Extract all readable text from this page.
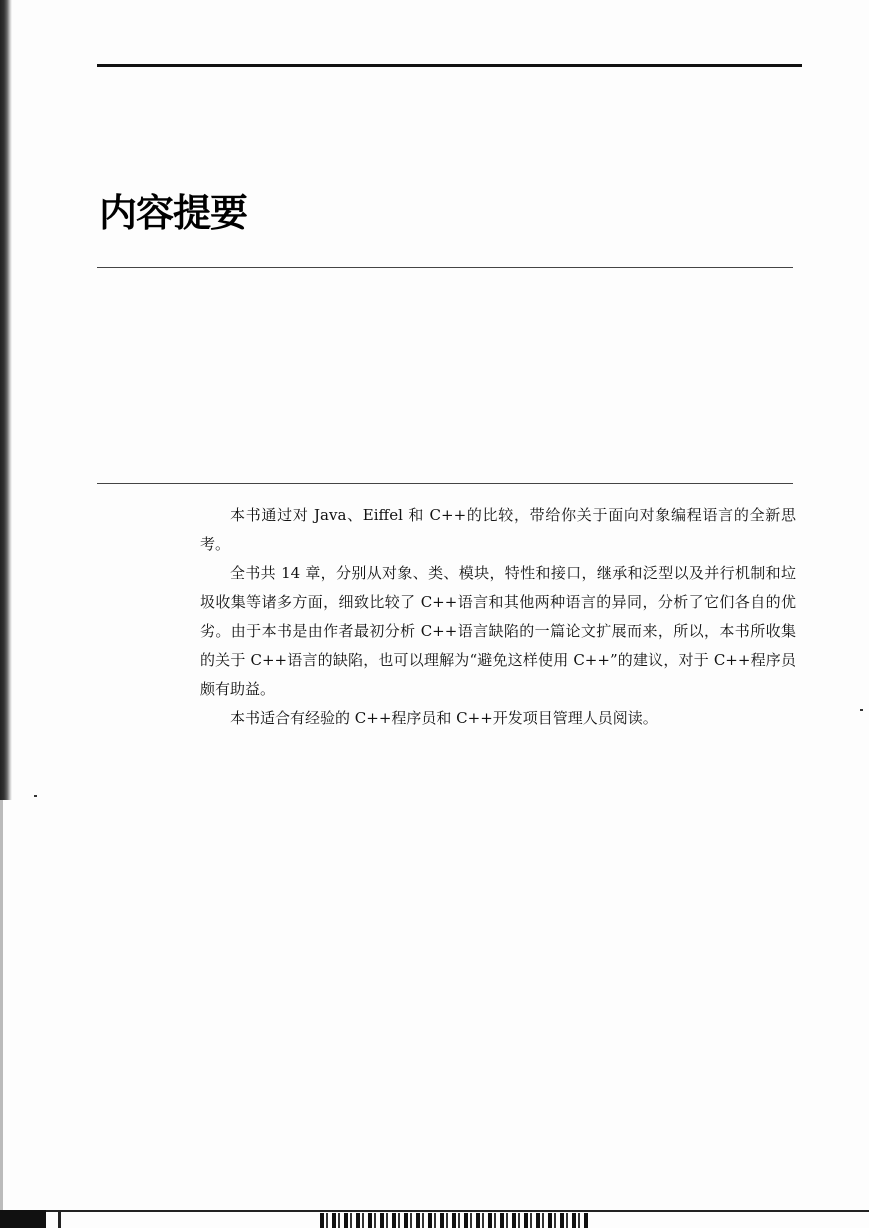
内容提要

本书通过对 Java、Eiffel 和 C++的比较，带给你关于面向对象编程语言的全新思考。

全书共 14 章，分别从对象、类、模块，特性和接口，继承和泛型以及并行机制和垃圾收集等诸多方面，细致比较了 C++语言和其他两种语言的异同，分析了它们各自的优劣。由于本书是由作者最初分析 C++语言缺陷的一篇论文扩展而来，所以，本书所收集的关于 C++语言的缺陷，也可以理解为“避免这样使用 C++”的建议，对于 C++程序员颇有助益。

本书适合有经验的 C++程序员和 C++开发项目管理人员阅读。
